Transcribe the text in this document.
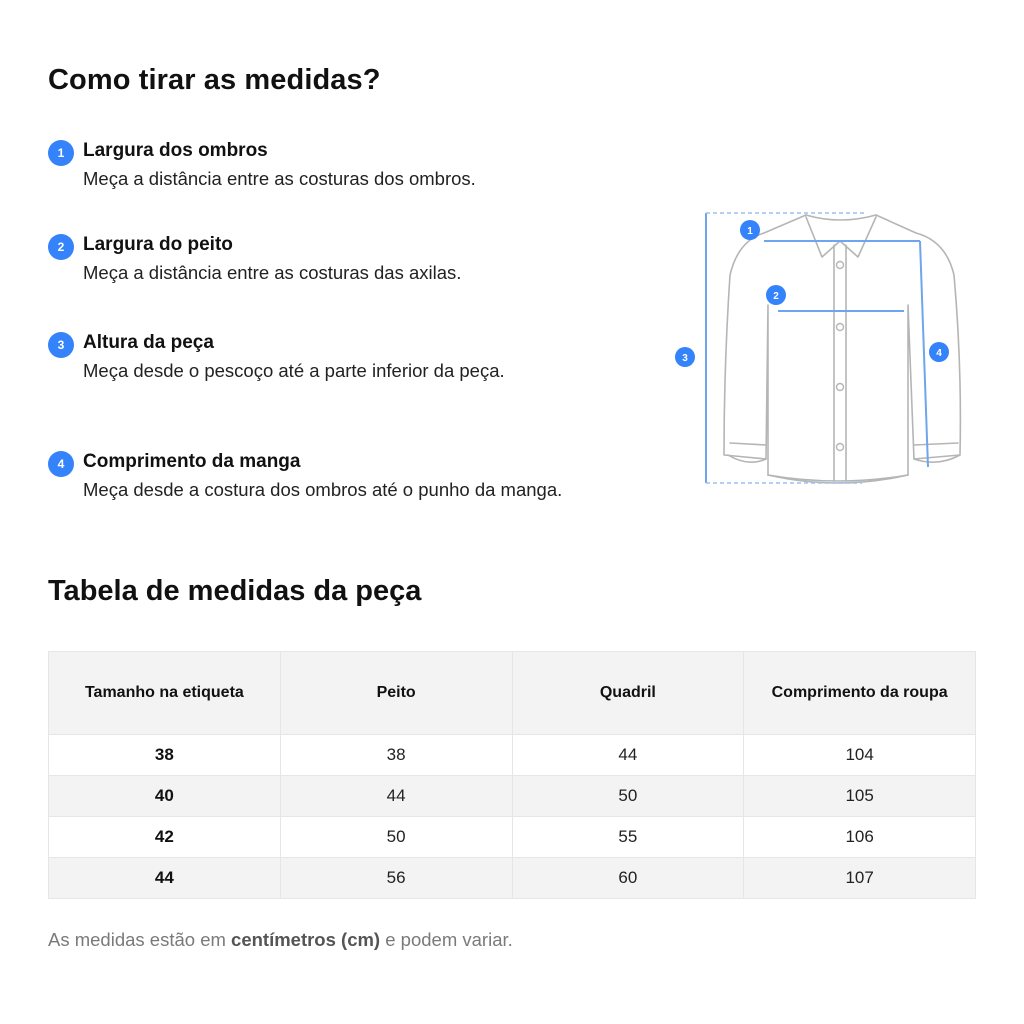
Como tirar as medidas?
1 Largura dos ombros
Meça a distância entre as costuras dos ombros.
2 Largura do peito
Meça a distância entre as costuras das axilas.
3 Altura da peça
Meça desde o pescoço até a parte inferior da peça.
4 Comprimento da manga
Meça desde a costura dos ombros até o punho da manga.
1
2
3	4
Tabela de medidas da peça
Tamanho na etiqueta	Peito	Quadril	Comprimento da roupa
38	38	44	104
40	44	50	105
42	50	55	106
44	56	60	107
As medidas estão em centímetros (cm) e podem variar.
